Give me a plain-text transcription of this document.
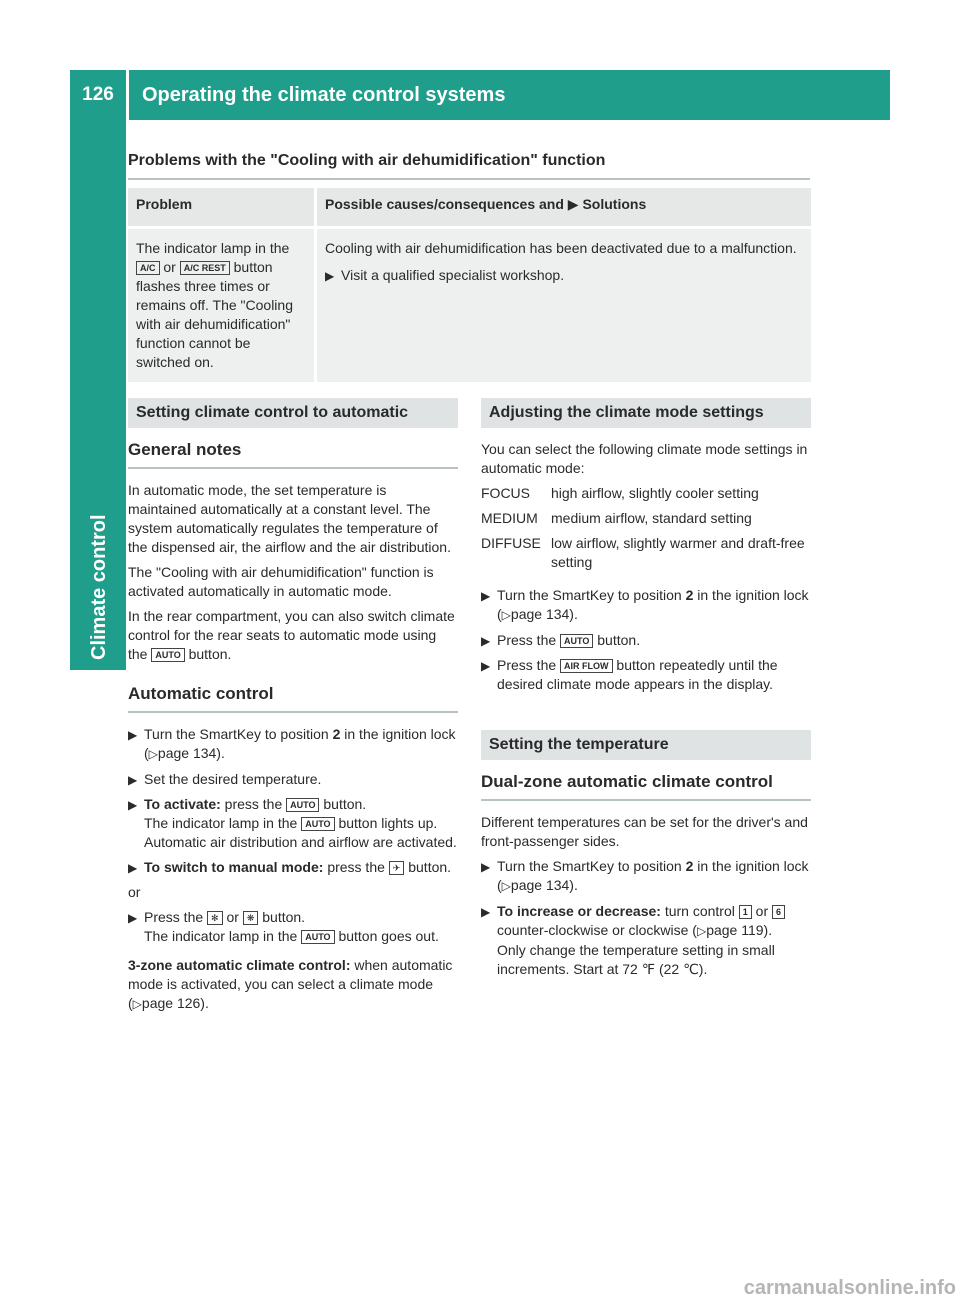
126	Operating the climate control systems
Climate control
Problems with the "Cooling with air dehumidification" function
Problem	Possible causes/consequences and ▶ Solutions
The indicator lamp in the A/C or A/C REST button flashes three times or remains off. The "Cooling with air dehumidification" function cannot be switched on.	Cooling with air dehumidification has been deactivated due to a malfunction.

▶ Visit a qualified specialist workshop.
Setting climate control to automatic
General notes

In automatic mode, the set temperature is maintained automatically at a constant level. The system automatically regulates the temperature of the dispensed air, the airflow and the air distribution.

The "Cooling with air dehumidification" function is activated automatically in automatic mode.

In the rear compartment, you can also switch climate control for the rear seats to automatic mode using the AUTO button.

Automatic control
▶ Turn the SmartKey to position 2 in the ignition lock (▷page 134).
▶ Set the desired temperature.
▶ To activate: press the AUTO button.
The indicator lamp in the AUTO button lights up. Automatic air distribution and airflow are activated.
▶ To switch to manual mode: press the ✈ button.

or

▶ Press the ✻ or ❋ button.
The indicator lamp in the AUTO button goes out.

3-zone automatic climate control: when automatic mode is activated, you can select a climate mode (▷page 126).

Adjusting the climate mode settings

You can select the following climate mode settings in automatic mode:

FOCUS	high airflow, slightly cooler setting
MEDIUM	medium airflow, standard setting
DIFFUSE	low airflow, slightly warmer and draft-free setting
▶ Turn the SmartKey to position 2 in the ignition lock (▷page 134).
▶ Press the AUTO button.
▶ Press the AIR FLOW button repeatedly until the desired climate mode appears in the display.
Setting the temperature
Dual-zone automatic climate control

Different temperatures can be set for the driver's and front-passenger sides.

▶ Turn the SmartKey to position 2 in the ignition lock (▷page 134).
▶ To increase or decrease: turn control 1 or 6 counter-clockwise or clockwise (▷page 119).
Only change the temperature setting in small increments. Start at 72 ℉ (22 ℃).
carmanualsonline.info
